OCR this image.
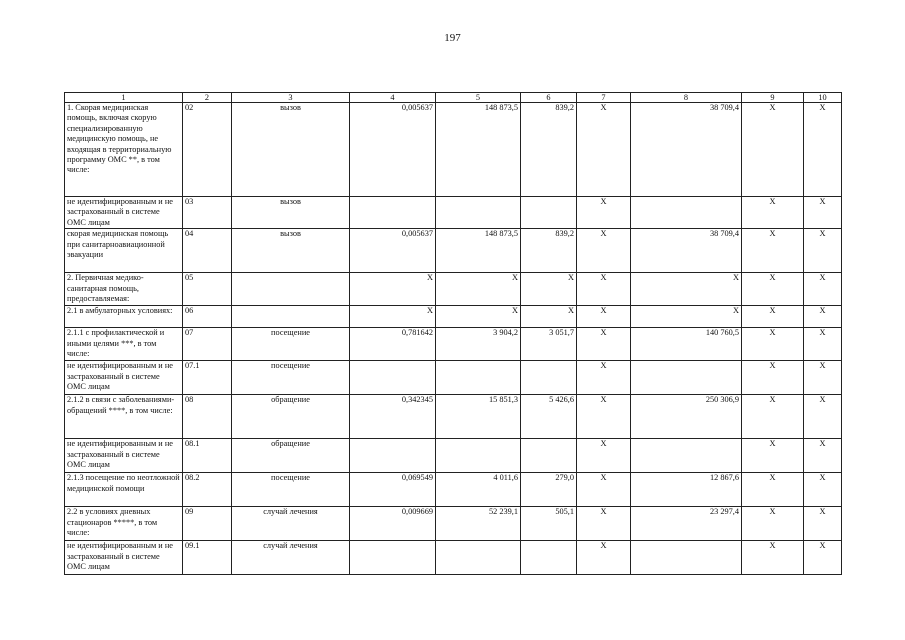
197
1	2	3	4	5	6	7	8	9	10
1. Скорая медицинская помощь, включая скорую специализированную медицинскую помощь, не входящая в территориальную программу ОМС **, в том числе:	02	вызов	0,005637	148 873,5	839,2	X	38 709,4	X	X
не идентифицированным и не застрахованный в системе ОМС лицам	03	вызов				X		X	X
скорая медицинская помощь при санитарноавиационной эвакуации	04	вызов	0,005637	148 873,5	839,2	X	38 709,4	X	X
2. Первичная медико-санитарная помощь, предоставляемая:	05		X	X	X	X	X	X	X
2.1 в амбулаторных условиях:	06		X	X	X	X	X	X	X
2.1.1 с профилактической и иными целями ***, в том числе:	07	посещение	0,781642	3 904,2	3 051,7	X	140 760,5	X	X
не идентифицированным и не застрахованный в системе ОМС лицам	07.1	посещение				X		X	X
2.1.2 в связи с заболеваниями- обращений ****, в том числе:	08	обращение	0,342345	15 851,3	5 426,6	X	250 306,9	X	X
не идентифицированным и не застрахованный в системе ОМС лицам	08.1	обращение				X		X	X
2.1.3 посещение по неотложной медицинской помощи	08.2	посещение	0,069549	4 011,6	279,0	X	12 867,6	X	X
2.2 в условиях дневных стационаров *****, в том числе:	09	случай лечения	0,009669	52 239,1	505,1	X	23 297,4	X	X
не идентифицированным и не застрахованный в системе ОМС лицам	09.1	случай лечения				X		X	X
